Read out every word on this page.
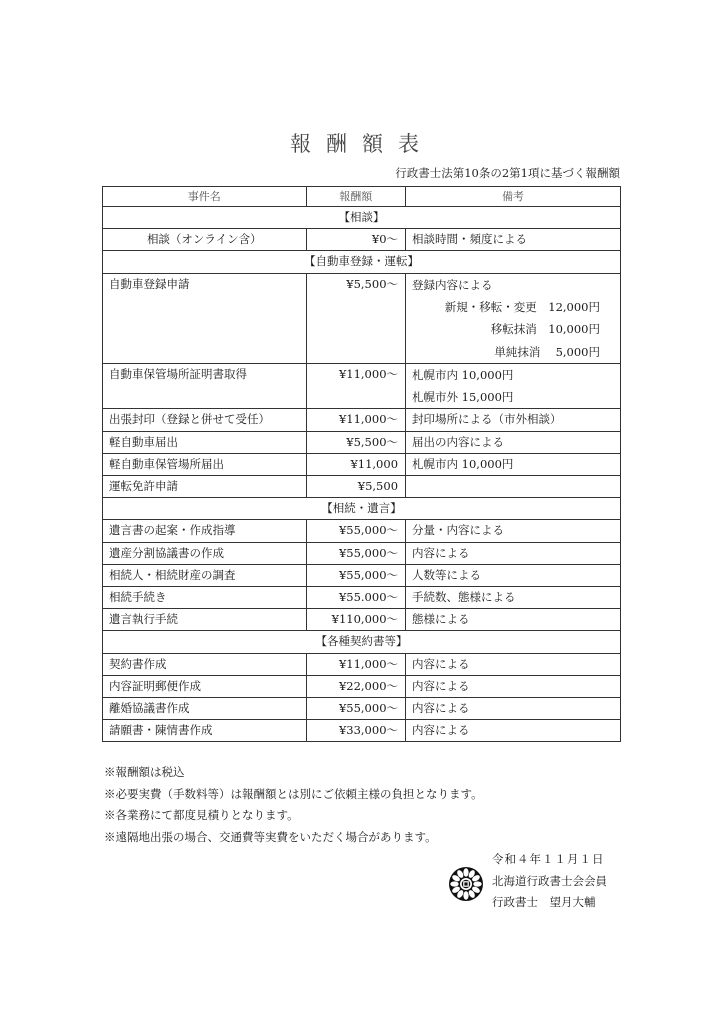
報酬額表
行政書士法第10条の2第1項に基づく報酬額
事件名	報酬額	備考
【相談】		
相談（オンライン含）	¥0～	相談時間・頻度による

【自動車登録・運転】		
自動車登録申請	¥5,500～	登録内容による
新規・移転・変更　12,000円
移転抹消　10,000円
単純抹消　 5,000円

自動車保管場所証明書取得	¥11,000～	札幌市内 10,000円
札幌市外 15,000円

出張封印（登録と併せて受任）	¥11,000～	封印場所による（市外相談）

軽自動車届出	¥5,500～	届出の内容による

軽自動車保管場所届出	¥11,000	札幌市内 10,000円

運転免許申請	¥5,500	

【相続・遺言】		
遺言書の起案・作成指導	¥55,000～	分量・内容による

遺産分割協議書の作成	¥55,000～	内容による

相続人・相続財産の調査	¥55,000～	人数等による

相続手続き	¥55.000～	手続数、態様による

遺言執行手続	¥110,000～	態様による

【各種契約書等】		
契約書作成	¥11,000～	内容による

内容証明郵便作成	¥22,000～	内容による

離婚協議書作成	¥55,000～	内容による

請願書・陳情書作成	¥33,000～	内容による
※報酬額は税込
※必要実費（手数料等）は報酬額とは別にご依頼主様の負担となります。
※各業務にて都度見積りとなります。
※遠隔地出張の場合、交通費等実費をいただく場合があります。
令和４年１１月１日
北海道行政書士会会員
行政書士　望月大輔
